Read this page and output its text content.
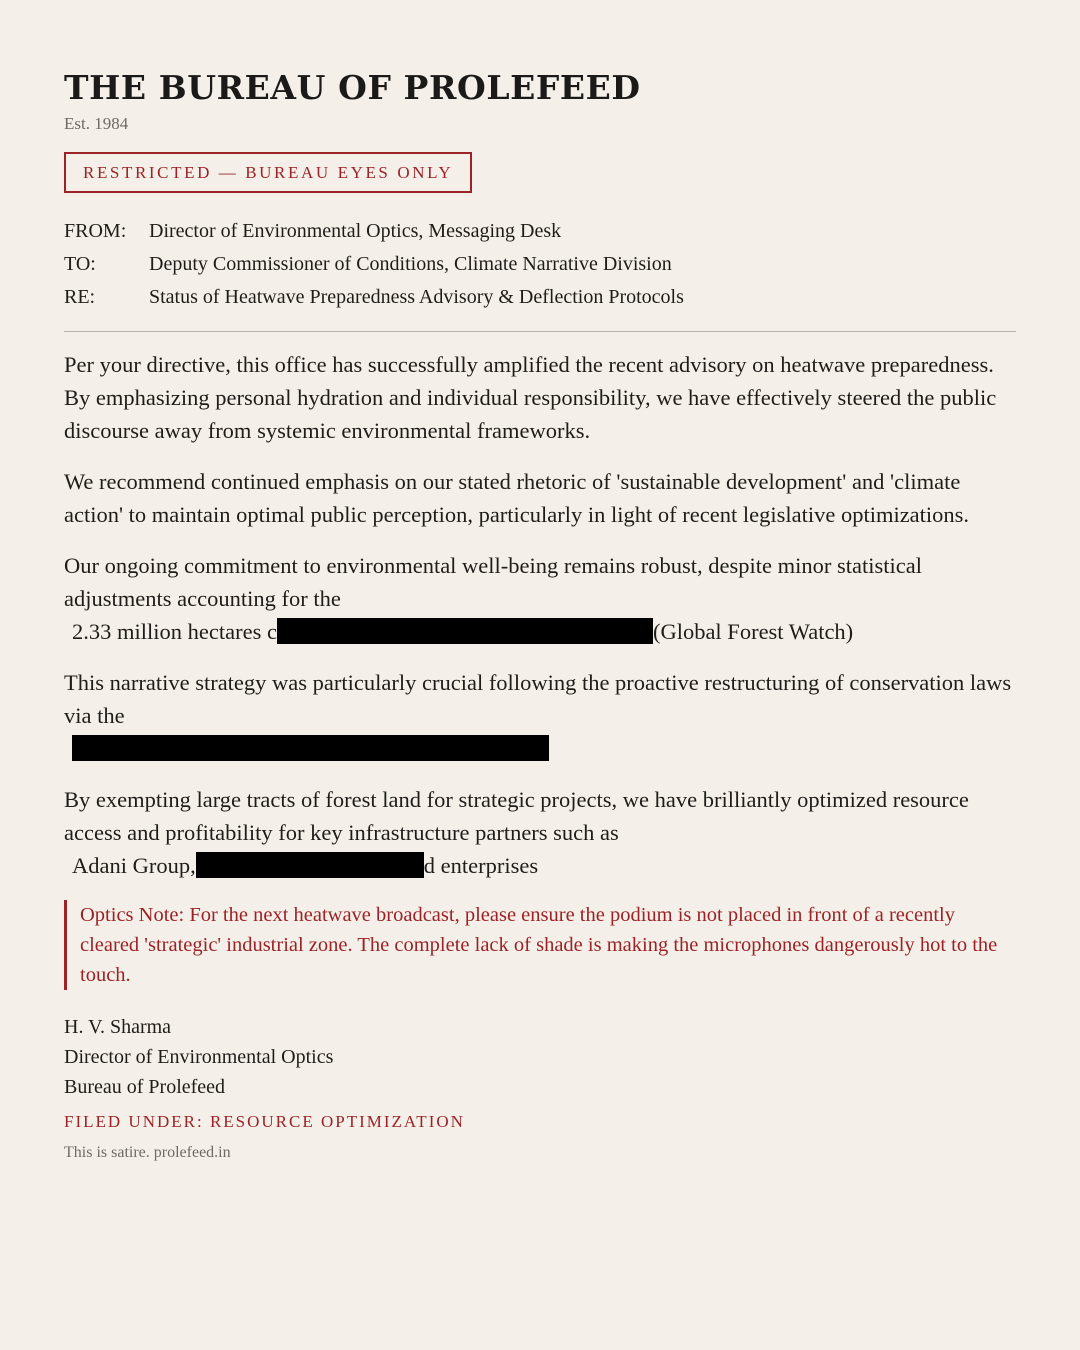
THE BUREAU OF PROLEFEED
Est. 1984
RESTRICTED — BUREAU EYES ONLY
FROM:	Director of Environmental Optics, Messaging Desk
TO:	Deputy Commissioner of Conditions, Climate Narrative Division
RE:	Status of Heatwave Preparedness Advisory & Deflection Protocols

Per your directive, this office has successfully amplified the recent advisory on heatwave preparedness. By emphasizing personal hydration and individual responsibility, we have effectively steered the public discourse away from systemic environmental frameworks.

We recommend continued emphasis on our stated rhetoric of 'sustainable development' and 'climate action' to maintain optimal public perception, particularly in light of recent legislative optimizations.

Our ongoing commitment to environmental well-being remains robust, despite minor statistical adjustments accounting for the
2.33 million hectares c	(Global Forest Watch)

This narrative strategy was particularly crucial following the proactive restructuring of conservation laws via the

By exempting large tracts of forest land for strategic projects, we have brilliantly optimized resource access and profitability for key infrastructure partners such as
Adani Group,	d enterprises

Optics Note: For the next heatwave broadcast, please ensure the podium is not placed in front of a recently cleared 'strategic' industrial zone. The complete lack of shade is making the microphones dangerously hot to the touch.
H. V. Sharma
Director of Environmental Optics
Bureau of Prolefeed
FILED UNDER: RESOURCE OPTIMIZATION
This is satire. prolefeed.in
